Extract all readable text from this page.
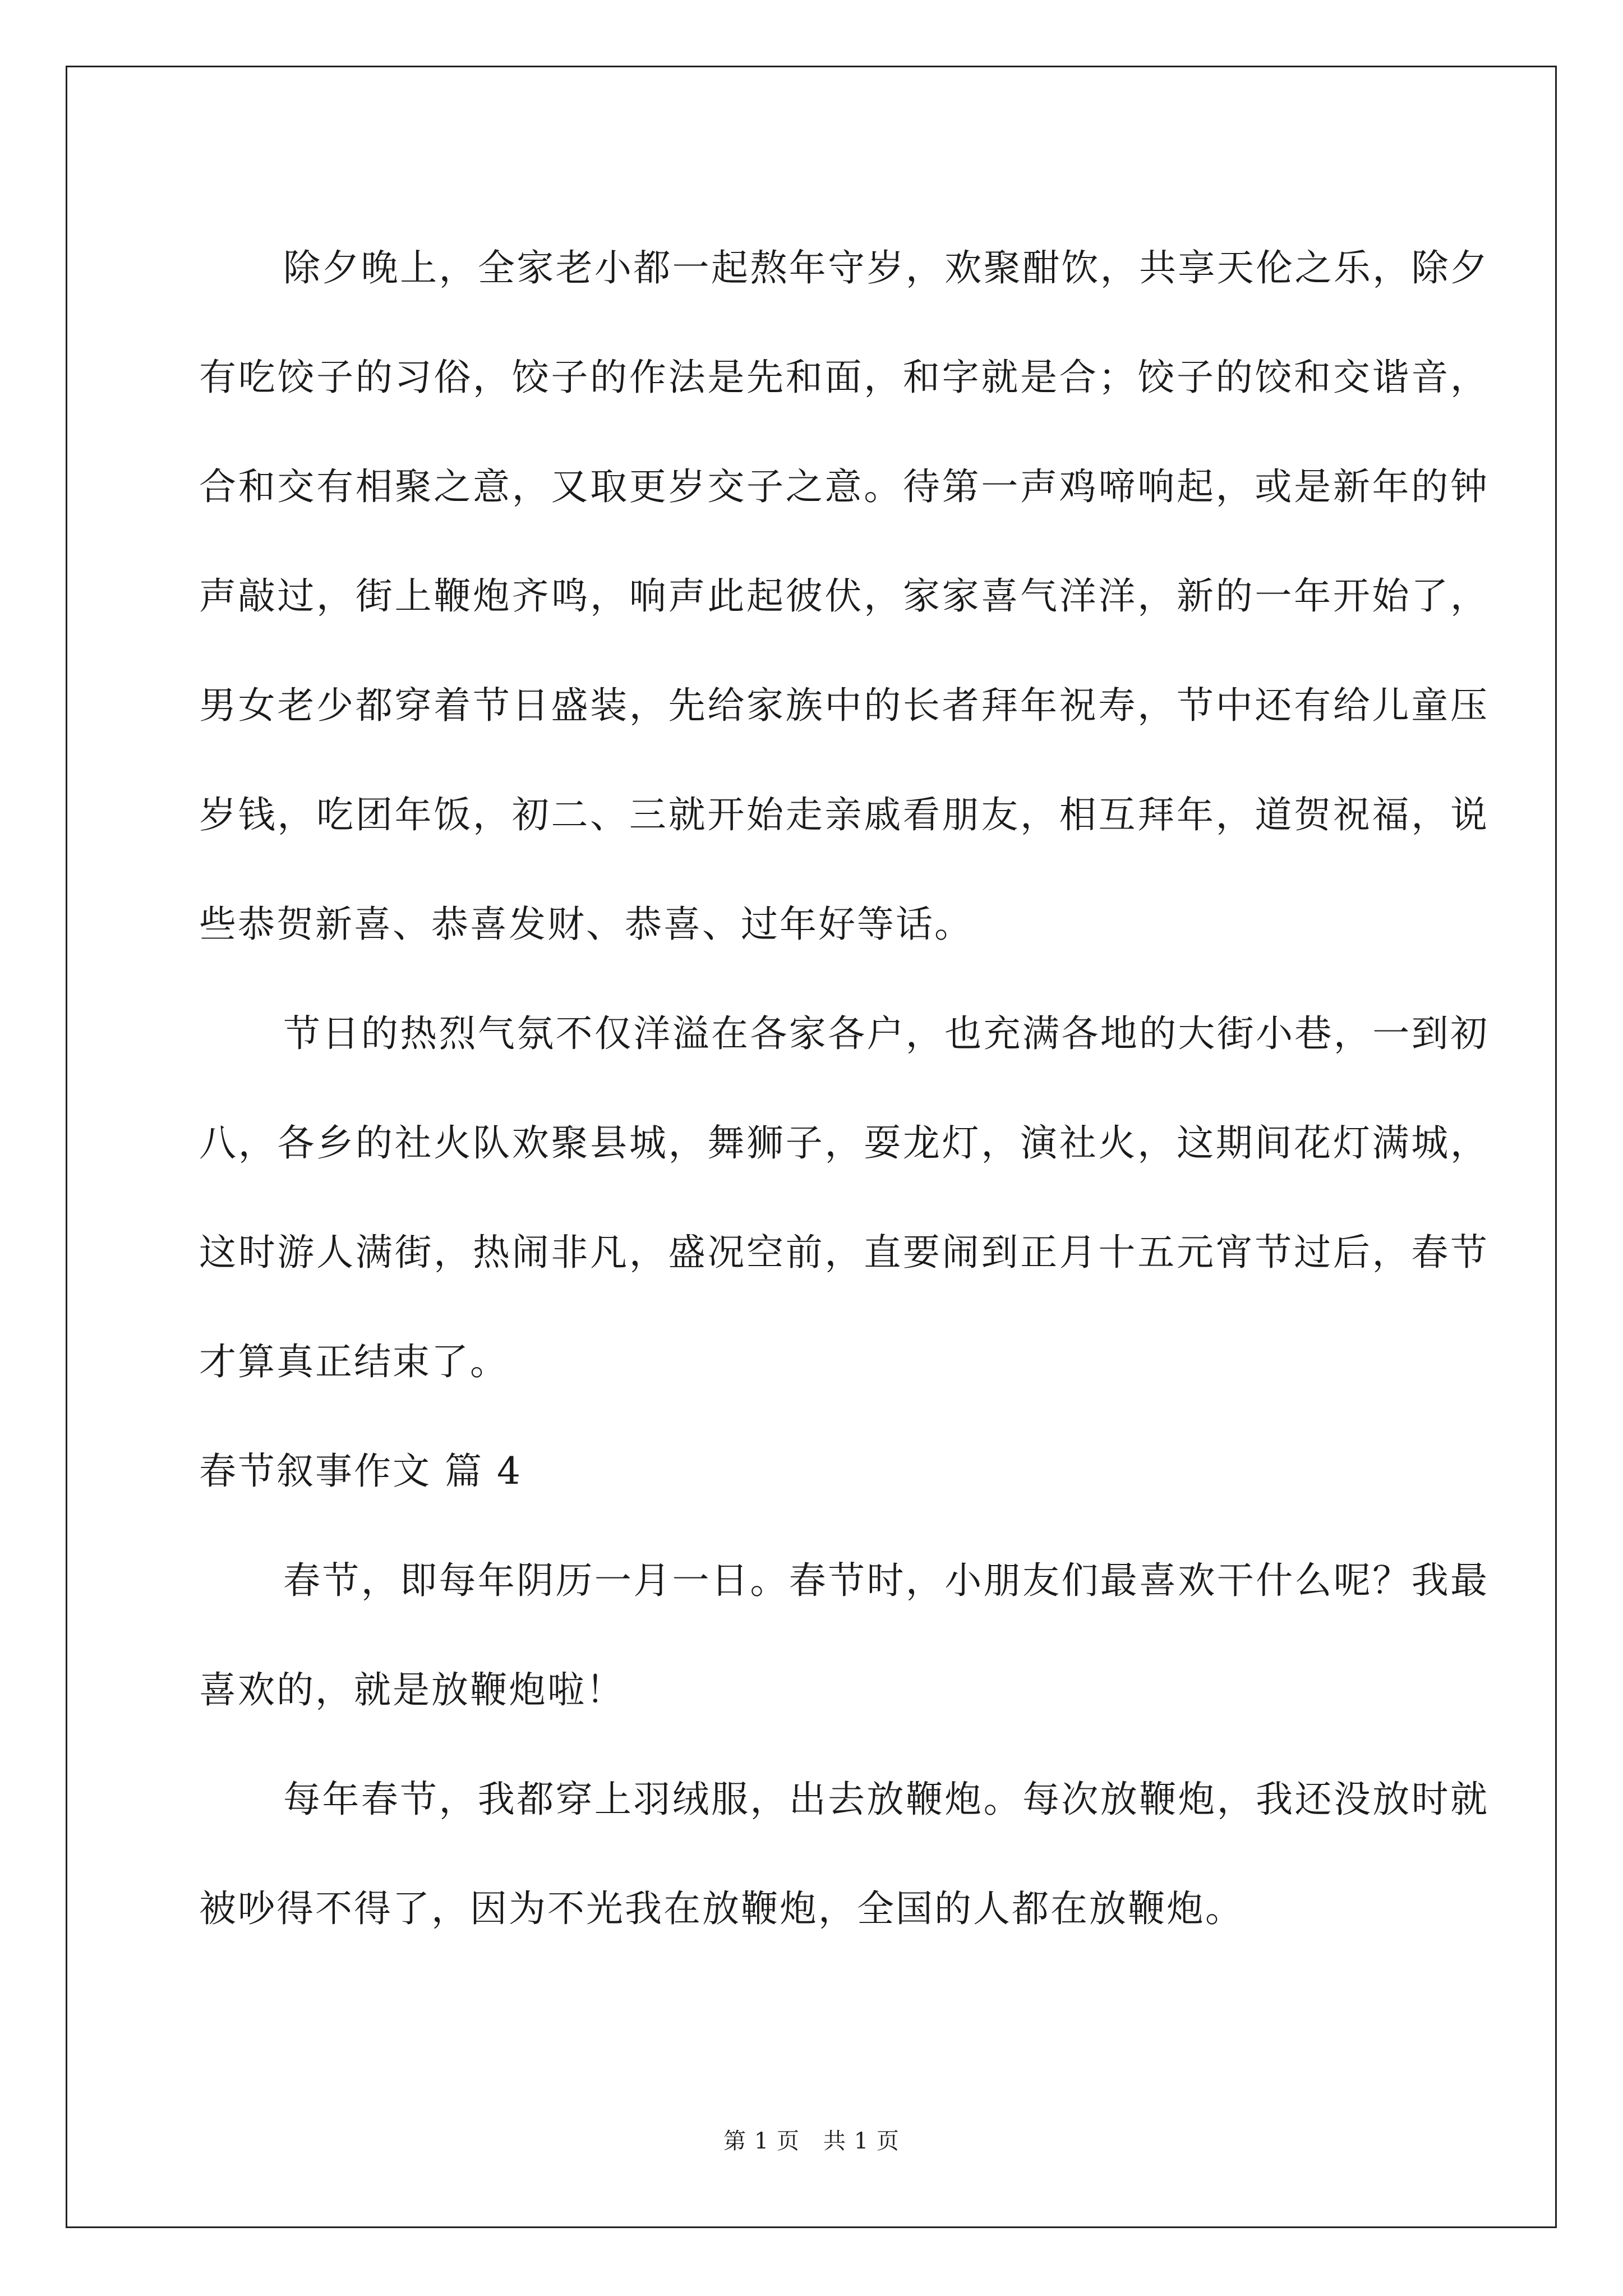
除夕晚上，全家老小都一起熬年守岁，欢聚酣饮，共享天伦之乐，除夕有吃饺子的习俗，饺子的作法是先和面，和字就是合；饺子的饺和交谐音，合和交有相聚之意，又取更岁交子之意。待第一声鸡啼响起，或是新年的钟声敲过，街上鞭炮齐鸣，响声此起彼伏，家家喜气洋洋，新的一年开始了，男女老少都穿着节日盛装，先给家族中的长者拜年祝寿，节中还有给儿童压岁钱，吃团年饭，初二、三就开始走亲戚看朋友，相互拜年，道贺祝福，说些恭贺新喜、恭喜发财、恭喜、过年好等话。

节日的热烈气氛不仅洋溢在各家各户，也充满各地的大街小巷，一到初八，各乡的社火队欢聚县城，舞狮子，耍龙灯，演社火，这期间花灯满城，这时游人满街，热闹非凡，盛况空前，直要闹到正月十五元宵节过后，春节才算真正结束了。

春节叙事作文 篇 4

春节，即每年阴历一月一日。春节时，小朋友们最喜欢干什么呢？我最喜欢的，就是放鞭炮啦！

每年春节，我都穿上羽绒服，出去放鞭炮。每次放鞭炮，我还没放时就被吵得不得了，因为不光我在放鞭炮，全国的人都在放鞭炮。

第 1 页 共 1 页
